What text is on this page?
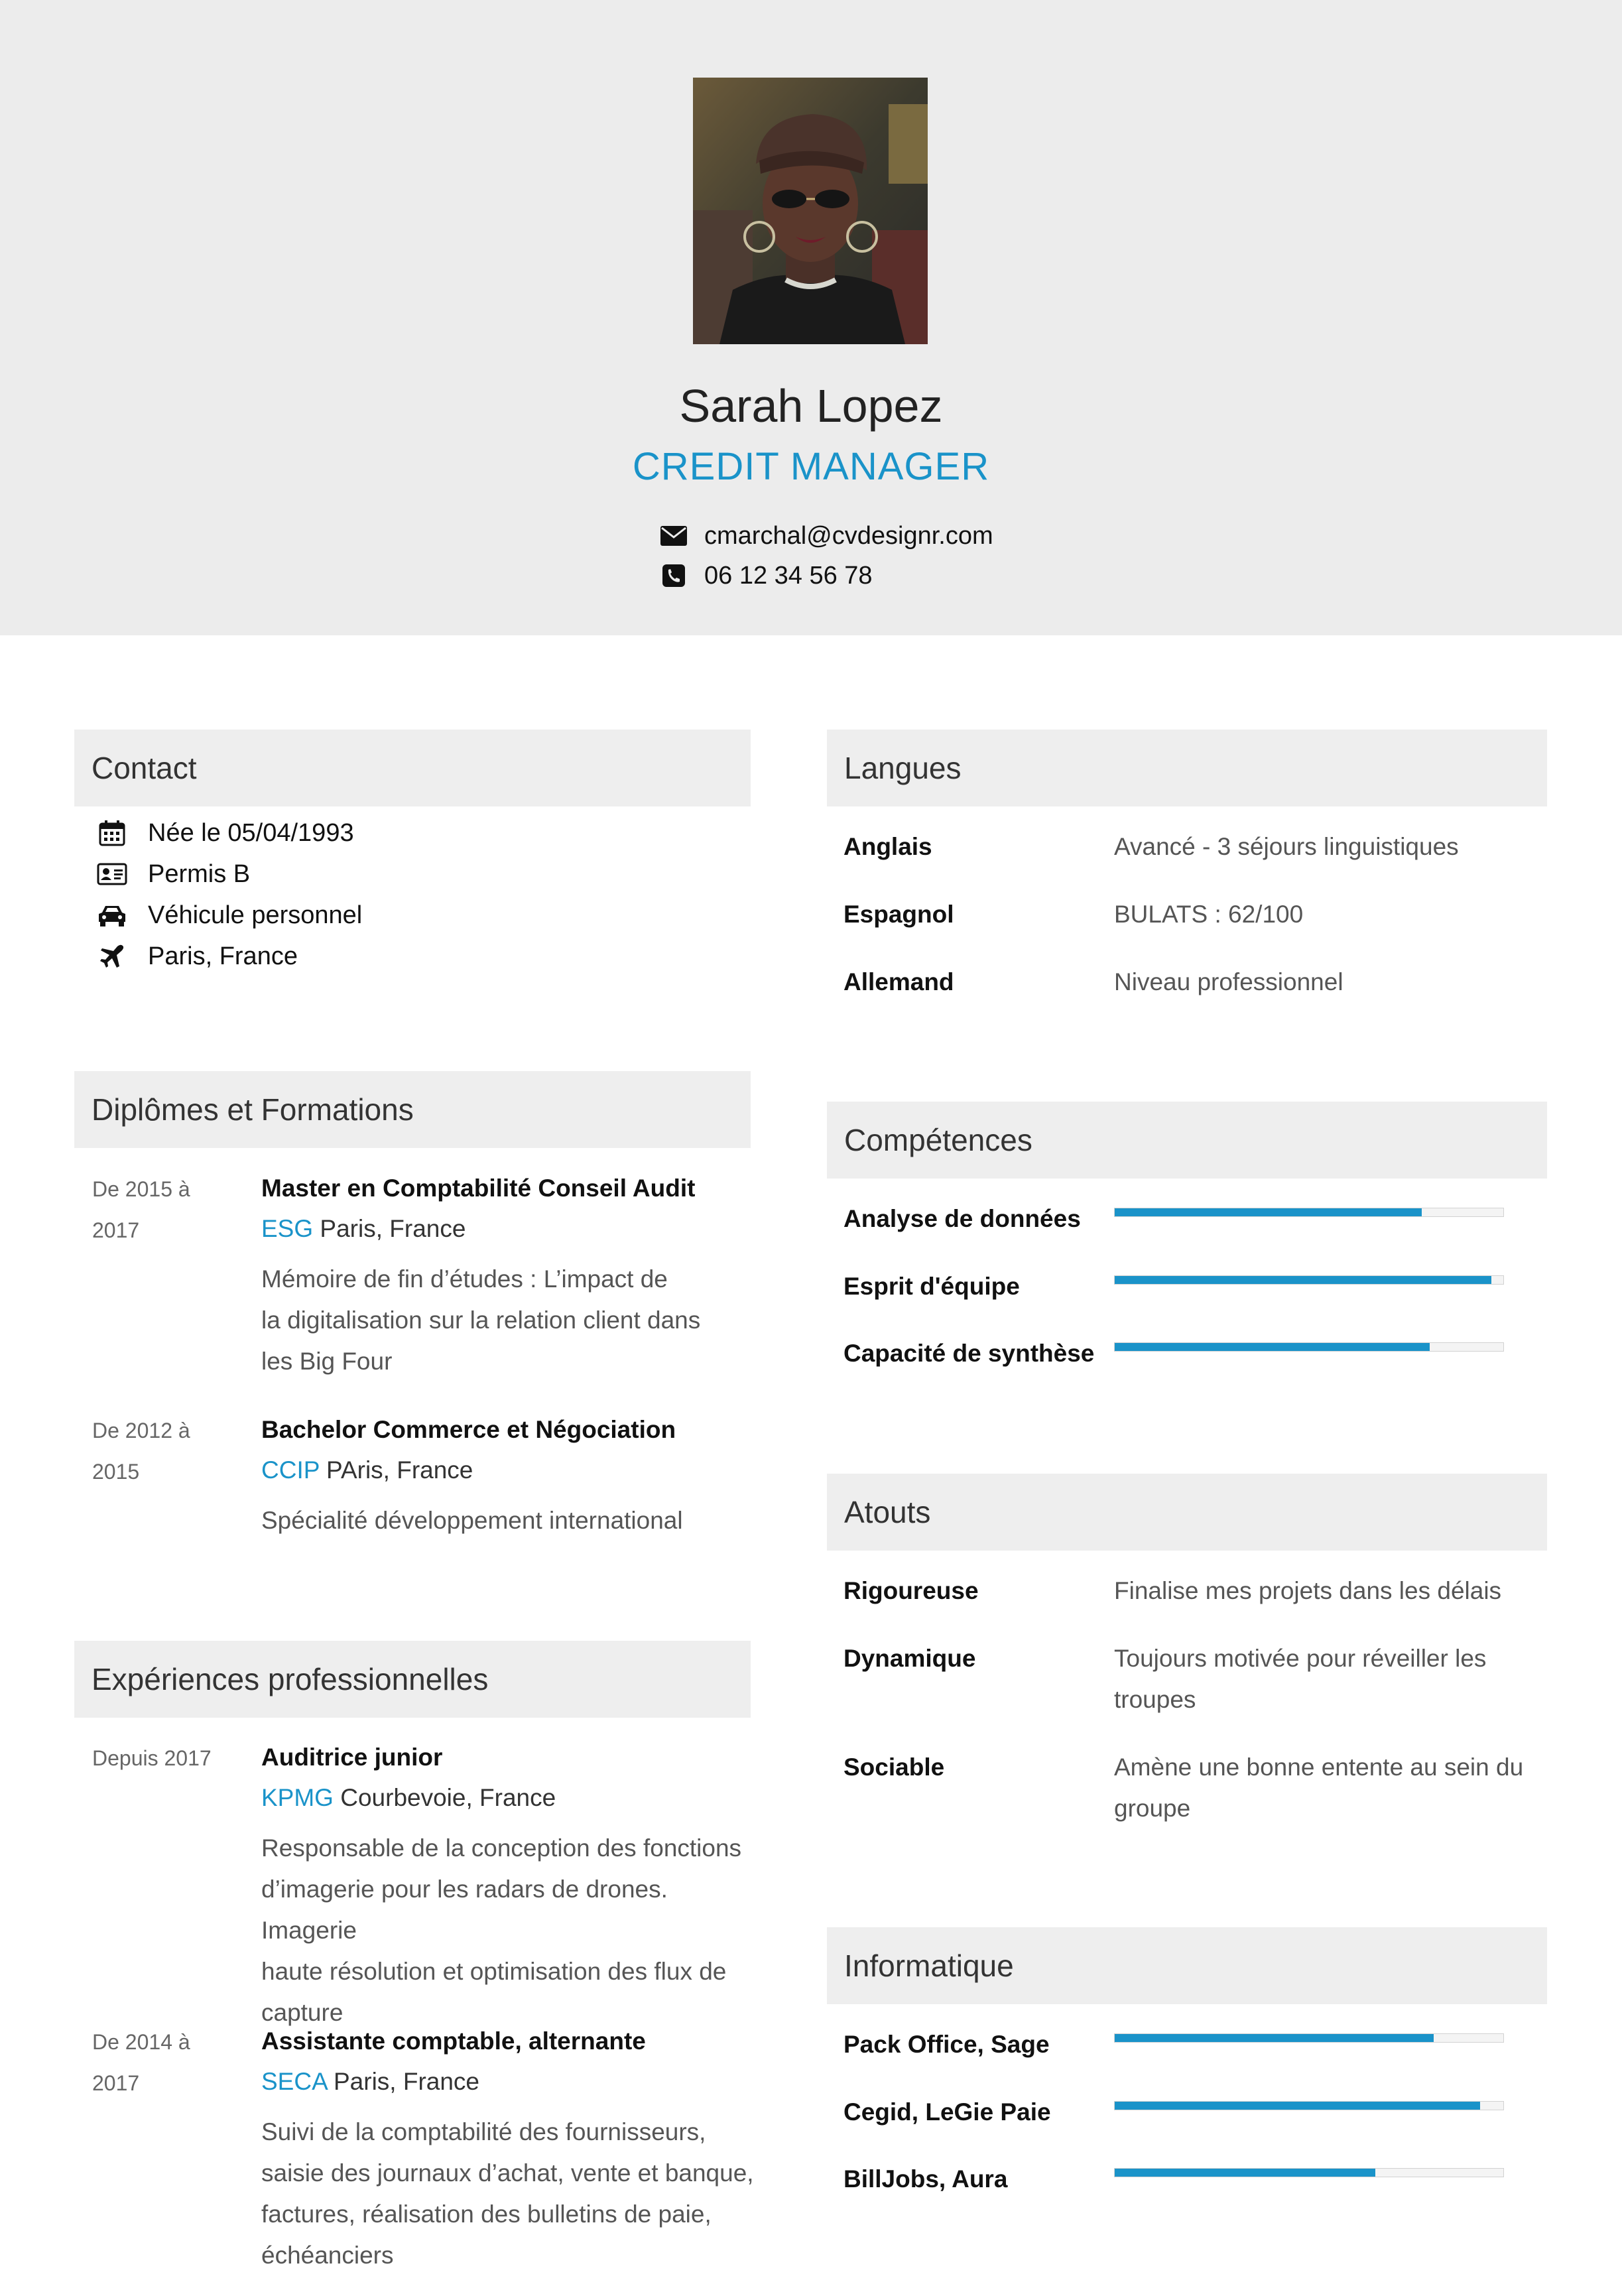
Sarah Lopez
CREDIT MANAGER
cmarchal@cvdesignr.com
06 12 34 56 78
Contact
Née le 05/04/1993
Permis B
Véhicule personnel
Paris, France
Diplômes et Formations
De 2015 à
2017
Master en Comptabilité Conseil Audit
ESG Paris, France
Mémoire de fin d’études : L’impact de
la digitalisation sur la relation client dans
les Big Four
De 2012 à
2015
Bachelor Commerce et Négociation
CCIP PAris, France
Spécialité développement international
Expériences professionnelles
Depuis 2017 Auditrice junior
KPMG Courbevoie, France
Responsable de la conception des fonctions
d’imagerie pour les radars de drones. Imagerie
haute résolution et optimisation des flux de
capture
De 2014 à
2017
Assistante comptable, alternante
SECA Paris, France
Suivi de la comptabilité des fournisseurs,
saisie des journaux d’achat, vente et banque,
factures, réalisation des bulletins de paie,
échéanciers
Langues
Anglais	Avancé - 3 séjours linguistiques
Espagnol	BULATS : 62/100
Allemand	Niveau professionnel
Compétences
Analyse de données
Esprit d'équipe
Capacité de synthèse
Atouts
Rigoureuse	Finalise mes projets dans les délais
Dynamique	Toujours motivée pour réveiller les
troupes
Sociable	Amène une bonne entente au sein du
groupe
Informatique
Pack Office, Sage
Cegid, LeGie Paie
BillJobs, Aura
